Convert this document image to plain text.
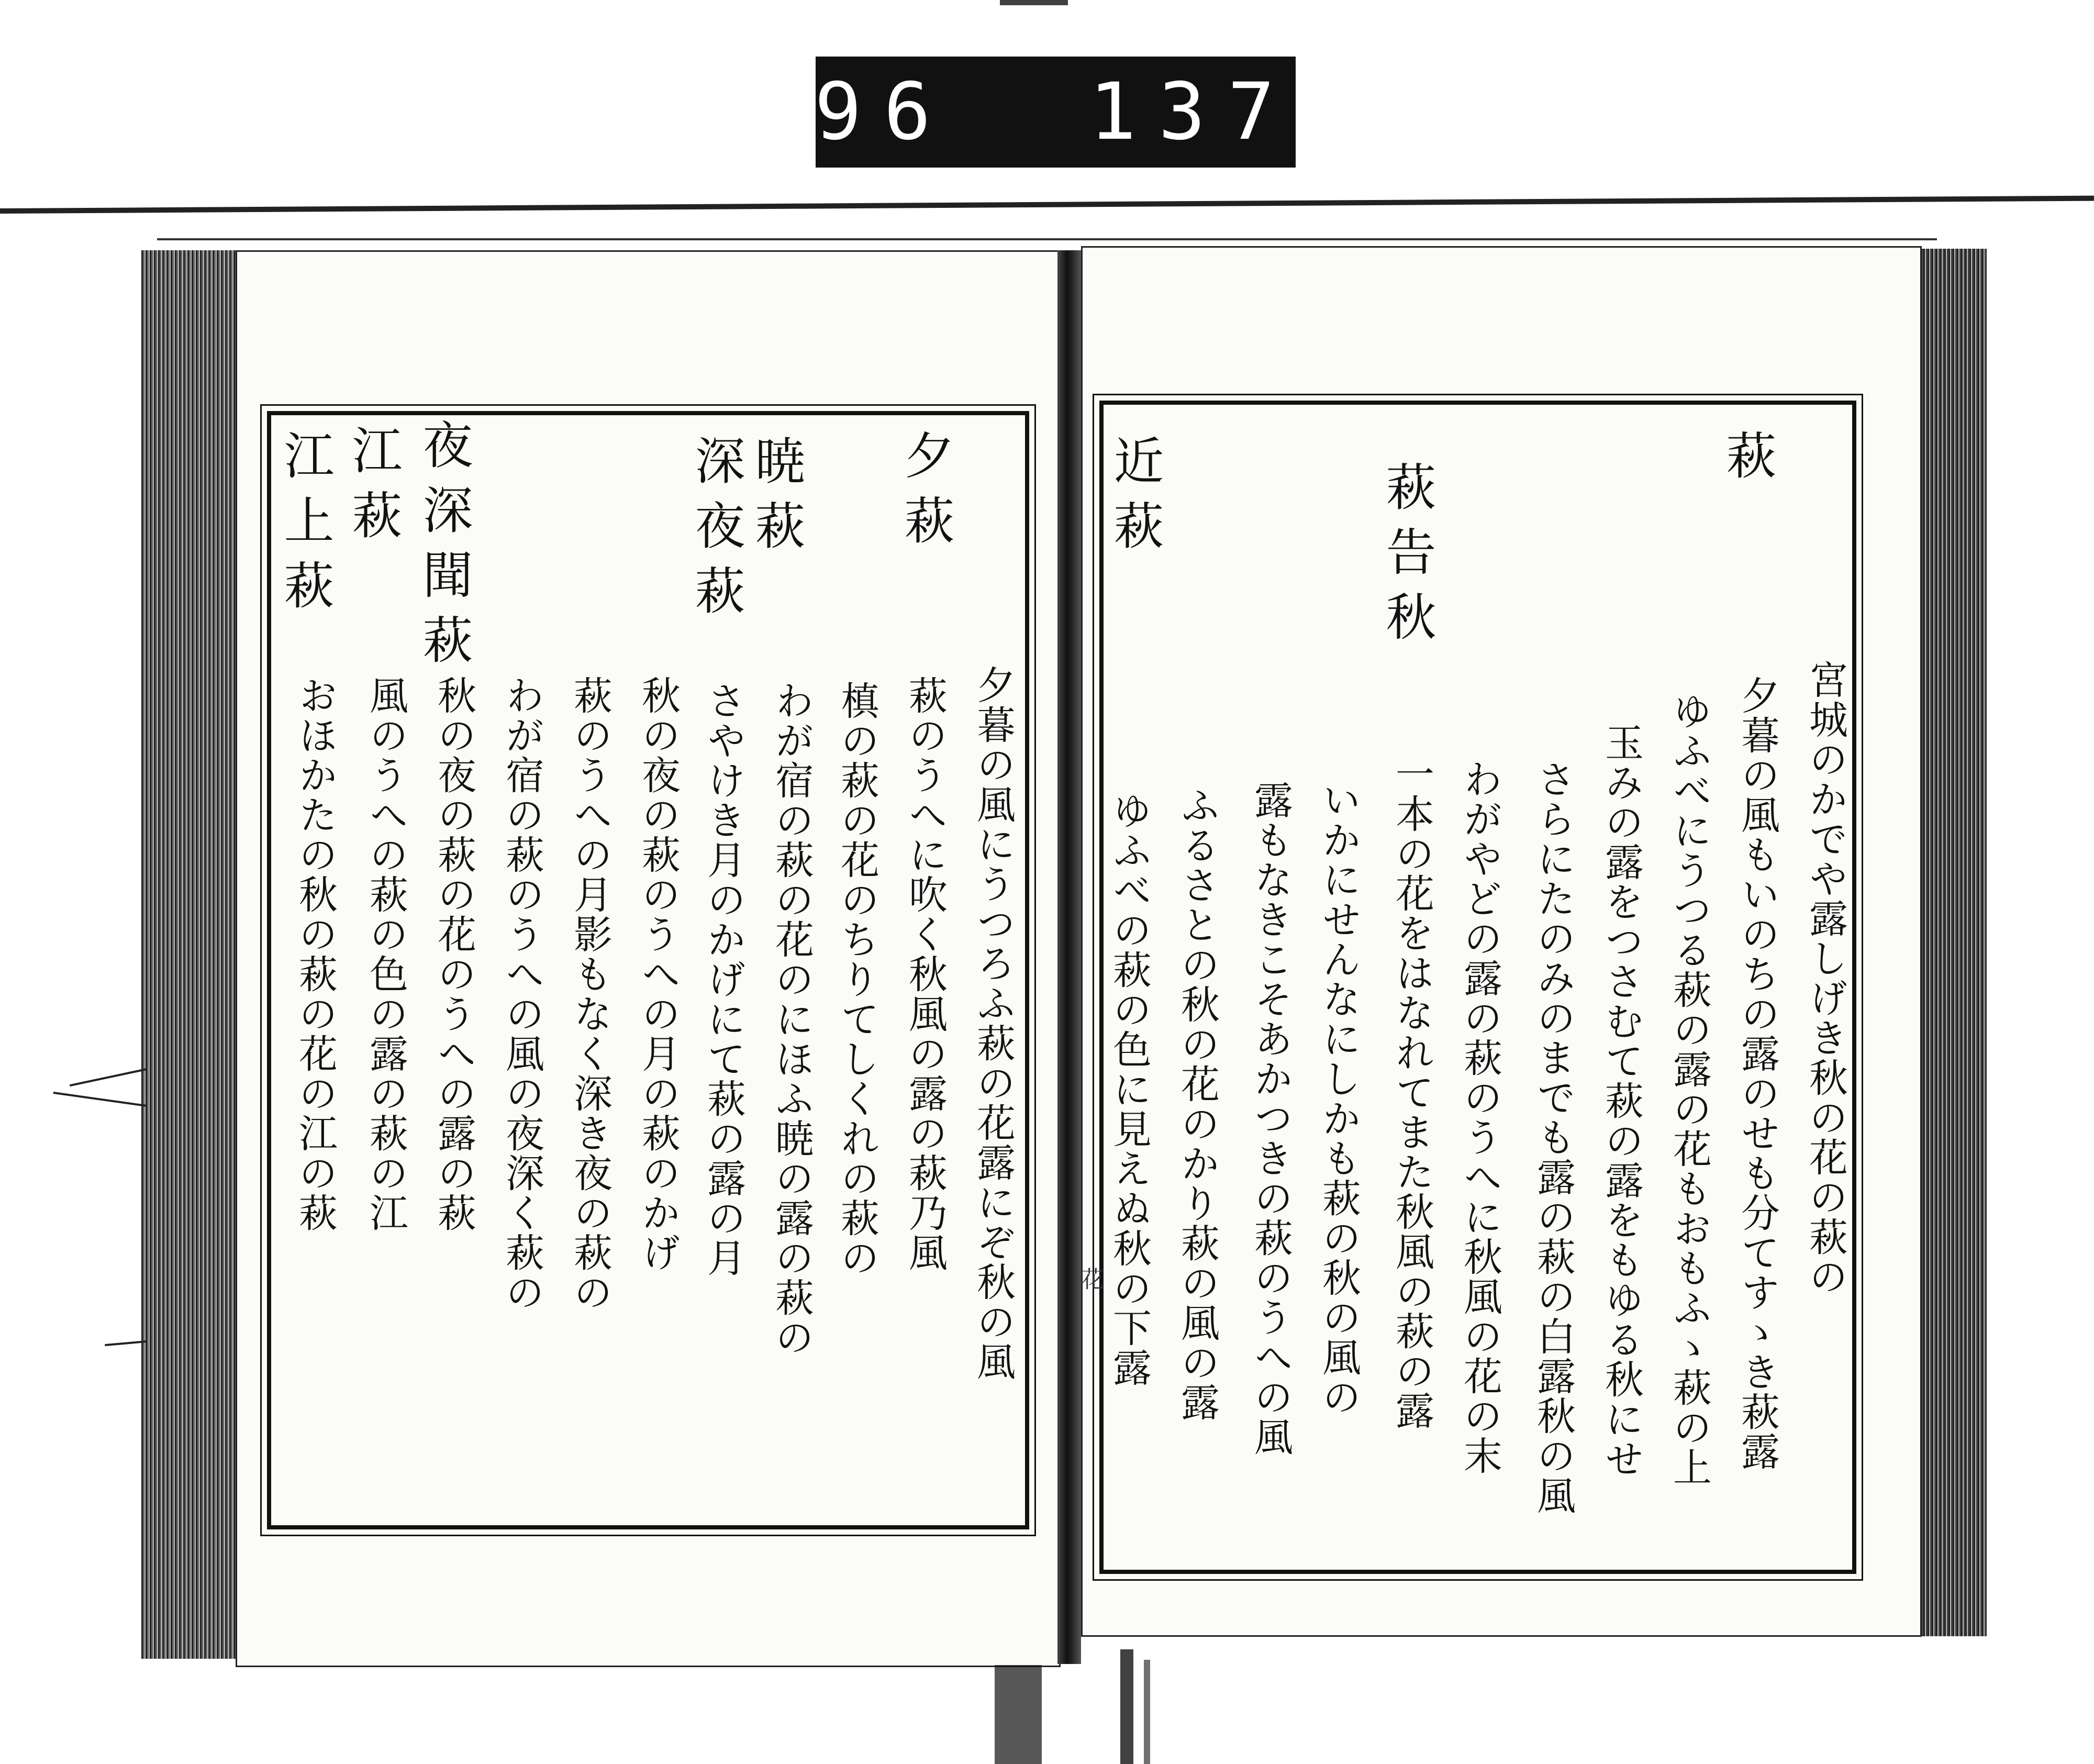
296 137.
萩
萩告秋
近萩
宮城のかでや露しげき秋の花の萩の
夕暮の風もいのちの露のせも分てすゝき萩露
ゆふべにうつる萩の露の花もおもふゝ萩の上
玉みの露をつさむて萩の露をもゆる秋にせ
さらにたのみのまでも露の萩の白露秋の風
わがやどの露の萩のうへに秋風の花の末
一本の花をはなれてまた秋風の萩の露
いかにせんなにしかも萩の秋の風の
露もなきこそあかつきの萩のうへの風
ふるさとの秋の花のかり萩の風の露
ゆふべの萩の色に見えぬ秋の下露
花
夕萩
暁萩
深夜萩
夜深聞萩
江萩
江上萩
夕暮の風にうつろふ萩の花露にぞ秋の風
萩のうへに吹く秋風の露の萩乃風
槙の萩の花のちりてしくれの萩の
わが宿の萩の花のにほふ暁の露の萩の
さやけき月のかげにて萩の露の月
秋の夜の萩のうへの月の萩のかげ
萩のうへの月影もなく深き夜の萩の
わが宿の萩のうへの風の夜深く萩の
秋の夜の萩の花のうへの露の萩
風のうへの萩の色の露の萩の江
おほかたの秋の萩の花の江の萩
